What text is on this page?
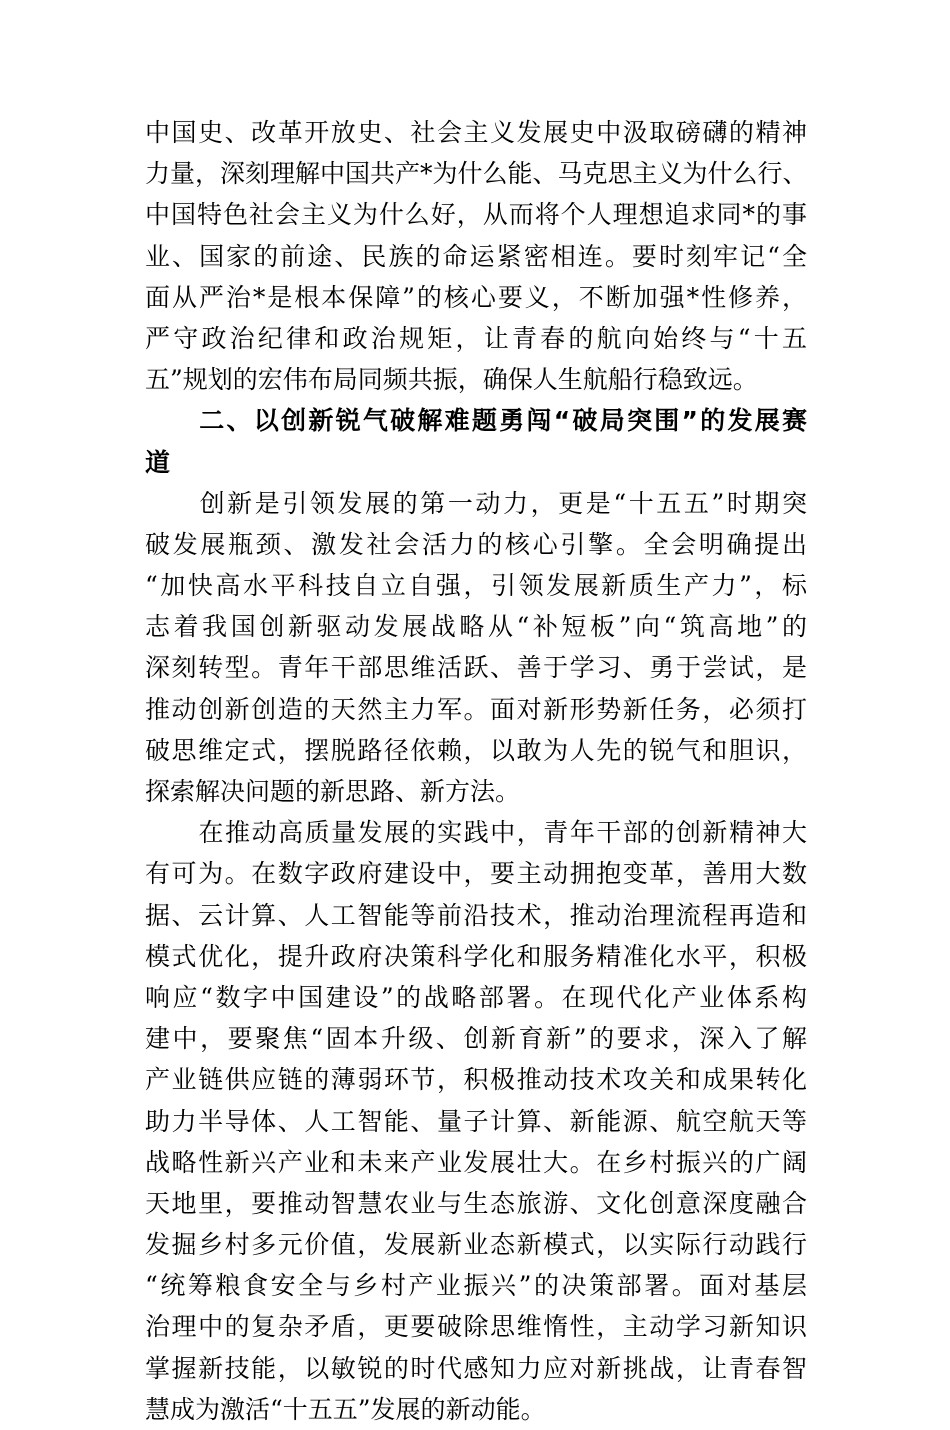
中国史、改革开放史、社会主义发展史中汲取磅礴的精神
力量，深刻理解中国共产*为什么能、马克思主义为什么行、
中国特色社会主义为什么好，从而将个人理想追求同*的事
业、国家的前途、民族的命运紧密相连。要时刻牢记“全
面从严治*是根本保障”的核心要义，不断加强*性修养，
严守政治纪律和政治规矩，让青春的航向始终与“十五
五”规划的宏伟布局同频共振，确保人生航船行稳致远。
二、以创新锐气破解难题勇闯“破局突围”的发展赛
道
创新是引领发展的第一动力，更是“十五五”时期突
破发展瓶颈、激发社会活力的核心引擎。全会明确提出
“加快高水平科技自立自强，引领发展新质生产力”，标
志着我国创新驱动发展战略从“补短板”向“筑高地”的
深刻转型。青年干部思维活跃、善于学习、勇于尝试，是
推动创新创造的天然主力军。面对新形势新任务，必须打
破思维定式，摆脱路径依赖，以敢为人先的锐气和胆识，
探索解决问题的新思路、新方法。
在推动高质量发展的实践中，青年干部的创新精神大
有可为。在数字政府建设中，要主动拥抱变革，善用大数
据、云计算、人工智能等前沿技术，推动治理流程再造和
模式优化，提升政府决策科学化和服务精准化水平，积极
响应“数字中国建设”的战略部署。在现代化产业体系构
建中，要聚焦“固本升级、创新育新”的要求，深入了解
产业链供应链的薄弱环节，积极推动技术攻关和成果转化
助力半导体、人工智能、量子计算、新能源、航空航天等
战略性新兴产业和未来产业发展壮大。在乡村振兴的广阔
天地里，要推动智慧农业与生态旅游、文化创意深度融合
发掘乡村多元价值，发展新业态新模式，以实际行动践行
“统筹粮食安全与乡村产业振兴”的决策部署。面对基层
治理中的复杂矛盾，更要破除思维惰性，主动学习新知识
掌握新技能，以敏锐的时代感知力应对新挑战，让青春智
慧成为激活“十五五”发展的新动能。
